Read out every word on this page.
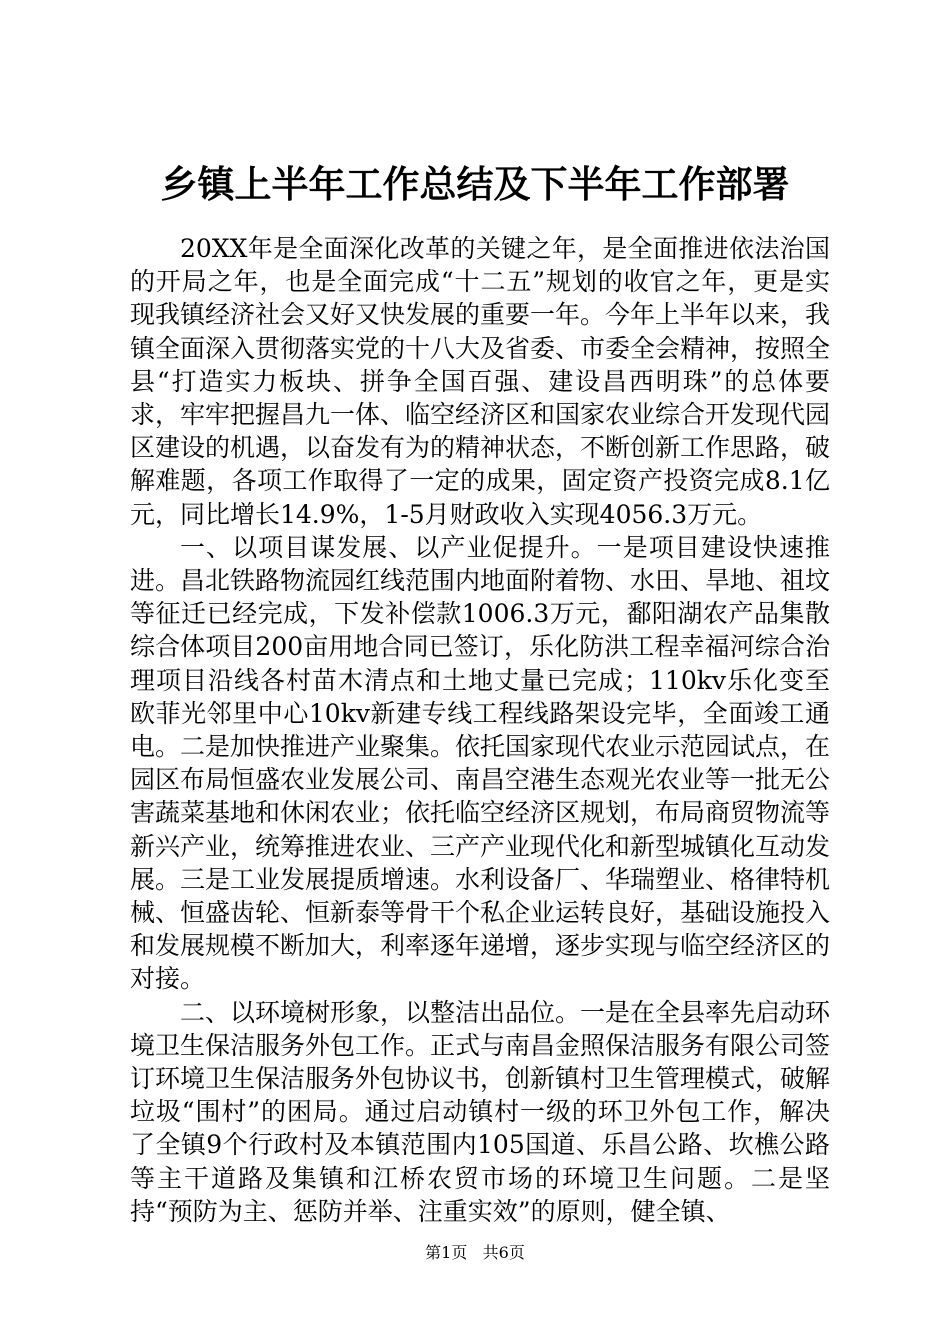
乡镇上半年工作总结及下半年工作部署

20XX年是全面深化改革的关键之年，是全面推进依法治国的开局之年，也是全面完成“十二五”规划的收官之年，更是实现我镇经济社会又好又快发展的重要一年。今年上半年以来，我镇全面深入贯彻落实党的十八大及省委、市委全会精神，按照全县“打造实力板块、拼争全国百强、建设昌西明珠”的总体要求，牢牢把握昌九一体、临空经济区和国家农业综合开发现代园区建设的机遇，以奋发有为的精神状态，不断创新工作思路，破解难题，各项工作取得了一定的成果，固定资产投资完成8.1亿元，同比增长14.9%，1-5月财政收入实现4056.3万元。

一、以项目谋发展、以产业促提升。一是项目建设快速推进。昌北铁路物流园红线范围内地面附着物、水田、旱地、祖坟等征迁已经完成，下发补偿款1006.3万元，鄱阳湖农产品集散综合体项目200亩用地合同已签订，乐化防洪工程幸福河综合治理项目沿线各村苗木清点和土地丈量已完成；110kv乐化变至欧菲光邻里中心10kv新建专线工程线路架设完毕，全面竣工通电。二是加快推进产业聚集。依托国家现代农业示范园试点，在园区布局恒盛农业发展公司、南昌空港生态观光农业等一批无公害蔬菜基地和休闲农业；依托临空经济区规划，布局商贸物流等新兴产业，统筹推进农业、三产产业现代化和新型城镇化互动发展。三是工业发展提质增速。水利设备厂、华瑞塑业、格律特机械、恒盛齿轮、恒新泰等骨干个私企业运转良好，基础设施投入和发展规模不断加大，利率逐年递增，逐步实现与临空经济区的对接。

二、以环境树形象，以整洁出品位。一是在全县率先启动环境卫生保洁服务外包工作。正式与南昌金照保洁服务有限公司签订环境卫生保洁服务外包协议书，创新镇村卫生管理模式，破解垃圾“围村”的困局。通过启动镇村一级的环卫外包工作，解决了全镇9个行政村及本镇范围内105国道、乐昌公路、坎樵公路等主干道路及集镇和江桥农贸市场的环境卫生问题。二是坚持“预防为主、惩防并举、注重实效”的原则，健全镇、

第1页 共6页
